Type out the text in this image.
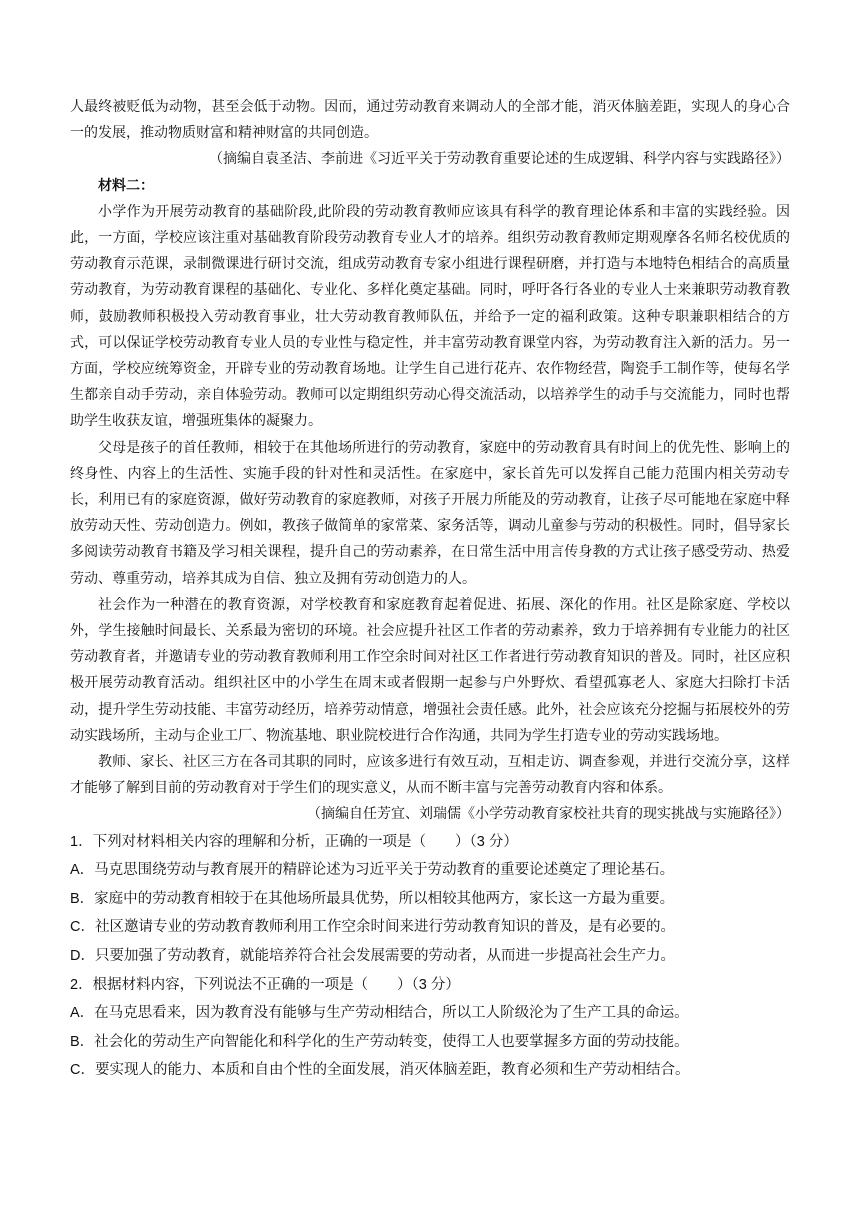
人最终被贬低为动物，甚至会低于动物。因而，通过劳动教育来调动人的全部才能，消灭体脑差距，实现人的身心合一的发展，推动物质财富和精神财富的共同创造。

（摘编自袁圣洁、李前进《习近平关于劳动教育重要论述的生成逻辑、科学内容与实践路径》）

材料二：

小学作为开展劳动教育的基础阶段,此阶段的劳动教育教师应该具有科学的教育理论体系和丰富的实践经验。因此，一方面，学校应该注重对基础教育阶段劳动教育专业人才的培养。组织劳动教育教师定期观摩各名师名校优质的劳动教育示范课，录制微课进行研讨交流，组成劳动教育专家小组进行课程研磨，并打造与本地特色相结合的高质量劳动教育，为劳动教育课程的基础化、专业化、多样化奠定基础。同时，呼吁各行各业的专业人士来兼职劳动教育教师，鼓励教师积极投入劳动教育事业，壮大劳动教育教师队伍，并给予一定的福利政策。这种专职兼职相结合的方式，可以保证学校劳动教育专业人员的专业性与稳定性，并丰富劳动教育课堂内容，为劳动教育注入新的活力。另一方面，学校应统筹资金，开辟专业的劳动教育场地。让学生自己进行花卉、农作物经营，陶瓷手工制作等，使每名学生都亲自动手劳动，亲自体验劳动。教师可以定期组织劳动心得交流活动，以培养学生的动手与交流能力，同时也帮助学生收获友谊，增强班集体的凝聚力。

父母是孩子的首任教师，相较于在其他场所进行的劳动教育，家庭中的劳动教育具有时间上的优先性、影响上的终身性、内容上的生活性、实施手段的针对性和灵活性。在家庭中，家长首先可以发挥自己能力范围内相关劳动专长，利用已有的家庭资源，做好劳动教育的家庭教师，对孩子开展力所能及的劳动教育，让孩子尽可能地在家庭中释放劳动天性、劳动创造力。例如，教孩子做简单的家常菜、家务活等，调动儿童参与劳动的积极性。同时，倡导家长多阅读劳动教育书籍及学习相关课程，提升自己的劳动素养，在日常生活中用言传身教的方式让孩子感受劳动、热爱劳动、尊重劳动，培养其成为自信、独立及拥有劳动创造力的人。

社会作为一种潜在的教育资源，对学校教育和家庭教育起着促进、拓展、深化的作用。社区是除家庭、学校以外，学生接触时间最长、关系最为密切的环境。社会应提升社区工作者的劳动素养，致力于培养拥有专业能力的社区劳动教育者，并邀请专业的劳动教育教师利用工作空余时间对社区工作者进行劳动教育知识的普及。同时，社区应积极开展劳动教育活动。组织社区中的小学生在周末或者假期一起参与户外野炊、看望孤寡老人、家庭大扫除打卡活动，提升学生劳动技能、丰富劳动经历，培养劳动情意，增强社会责任感。此外，社会应该充分挖掘与拓展校外的劳动实践场所，主动与企业工厂、物流基地、职业院校进行合作沟通，共同为学生打造专业的劳动实践场地。

教师、家长、社区三方在各司其职的同时，应该多进行有效互动，互相走访、调查参观，并进行交流分享，这样才能够了解到目前的劳动教育对于学生们的现实意义，从而不断丰富与完善劳动教育内容和体系。

（摘编自任芳宜、刘瑞儒《小学劳动教育家校社共育的现实挑战与实施路径》）

1．下列对材料相关内容的理解和分析，正确的一项是（　　）（3 分）

A．马克思围绕劳动与教育展开的精辟论述为习近平关于劳动教育的重要论述奠定了理论基石。

B．家庭中的劳动教育相较于在其他场所最具优势，所以相较其他两方，家长这一方最为重要。

C．社区邀请专业的劳动教育教师利用工作空余时间来进行劳动教育知识的普及，是有必要的。

D．只要加强了劳动教育，就能培养符合社会发展需要的劳动者，从而进一步提高社会生产力。

2．根据材料内容，下列说法不正确的一项是（　　）（3 分）

A．在马克思看来，因为教育没有能够与生产劳动相结合，所以工人阶级沦为了生产工具的命运。

B．社会化的劳动生产向智能化和科学化的生产劳动转变，使得工人也要掌握多方面的劳动技能。

C．要实现人的能力、本质和自由个性的全面发展，消灭体脑差距，教育必须和生产劳动相结合。
